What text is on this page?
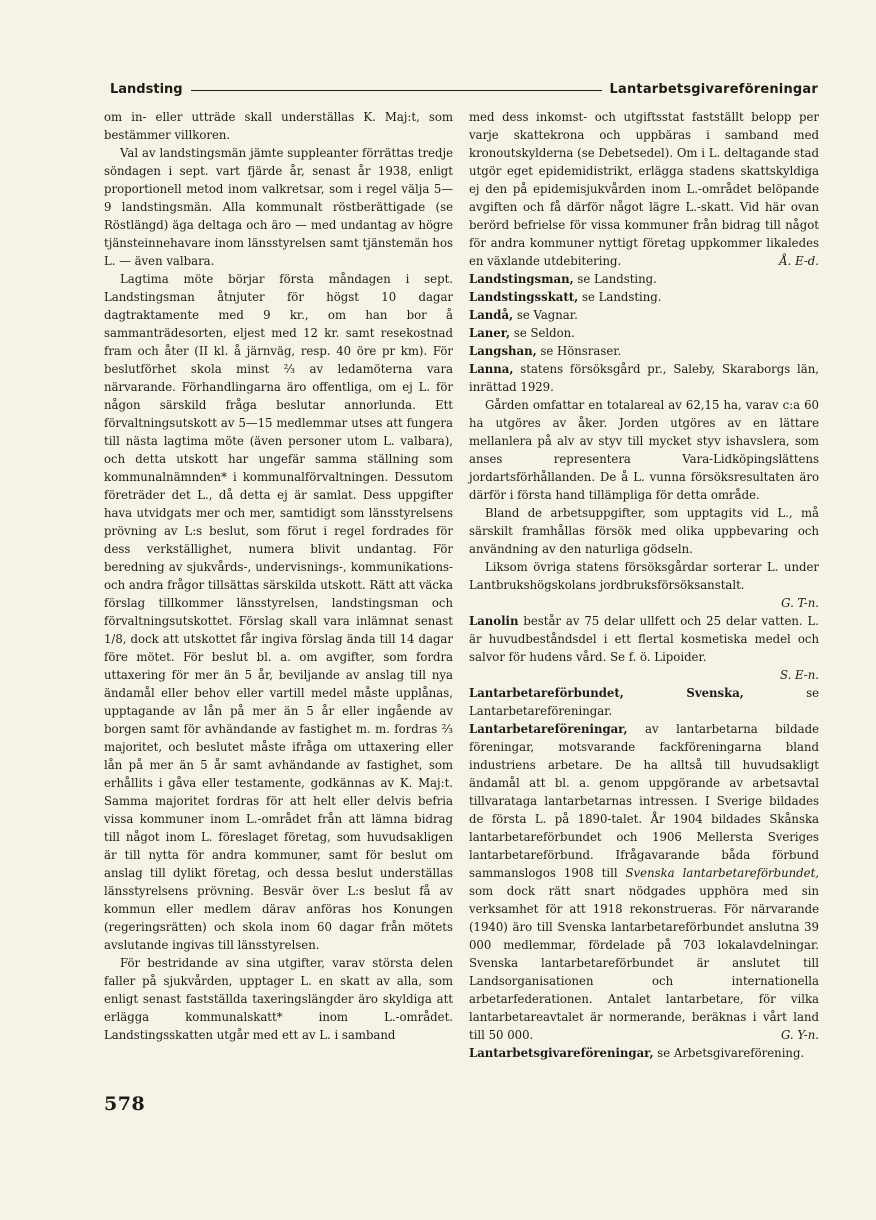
Landsting	Lantarbetsgivareföreningar

om in- eller utträde skall underställas K. Maj:t, som bestämmer villkoren.

Val av landstingsmän jämte suppleanter förrättas tredje söndagen i sept. vart fjärde år, senast år 1938, enligt proportionell metod inom valkretsar, som i regel välja 5—9 landstingsmän. Alla kommunalt röstberättigade (se Röstlängd) äga deltaga och äro — med undantag av högre tjänsteinnehavare inom länsstyrelsen samt tjänstemän hos L. — även valbara.

Lagtima möte börjar första måndagen i sept. Landstingsman åtnjuter för högst 10 dagar dagtraktamente med 9 kr., om han bor å sammanträdesorten, eljest med 12 kr. samt resekostnad fram och åter (II kl. å järnväg, resp. 40 öre pr km). För beslutförhet skola minst ⅔ av ledamöterna vara närvarande. Förhandlingarna äro offentliga, om ej L. för någon särskild fråga beslutar annorlunda. Ett förvaltningsutskott av 5—15 medlemmar utses att fungera till nästa lagtima möte (även personer utom L. valbara), och detta utskott har ungefär samma ställning som kommunalnämnden* i kommunalförvaltningen. Dessutom företräder det L., då detta ej är samlat. Dess uppgifter hava utvidgats mer och mer, samtidigt som länsstyrelsens prövning av L:s beslut, som förut i regel fordrades för dess verkställighet, numera blivit undantag. För beredning av sjukvårds-, undervisnings-, kommunikations- och andra frågor tillsättas särskilda utskott. Rätt att väcka förslag tillkommer länsstyrelsen, landstingsman och förvaltningsutskottet. Förslag skall vara inlämnat senast 1/8, dock att utskottet får ingiva förslag ända till 14 dagar före mötet. För beslut bl. a. om avgifter, som fordra uttaxering för mer än 5 år, beviljande av anslag till nya ändamål eller behov eller vartill medel måste upplånas, upptagande av lån på mer än 5 år eller ingående av borgen samt för avhändande av fastighet m. m. fordras ⅔ majoritet, och beslutet måste ifråga om uttaxering eller lån på mer än 5 år samt avhändande av fastighet, som erhållits i gåva eller testamente, godkännas av K. Maj:t. Samma majoritet fordras för att helt eller delvis befria vissa kommuner inom L.-området från att lämna bidrag till något inom L. föreslaget företag, som huvudsakligen är till nytta för andra kommuner, samt för beslut om anslag till dylikt företag, och dessa beslut underställas länsstyrelsens prövning. Besvär över L:s beslut få av kommun eller medlem därav anföras hos Konungen (regeringsrätten) och skola inom 60 dagar från mötets avslutande ingivas till länsstyrelsen.

För bestridande av sina utgifter, varav största delen faller på sjukvården, upptager L. en skatt av alla, som enligt senast fastställda taxeringslängder äro skyldiga att erlägga kommunalskatt* inom L.-området. Landstingsskatten utgår med ett av L. i samband

med dess inkomst- och utgiftsstat fastställt belopp per varje skattekrona och uppbäras i samband med kronoutskylderna (se Debetsedel). Om i L. deltagande stad utgör eget epidemidistrikt, erlägga stadens skattskyldiga ej den på epidemisjukvården inom L.-området belöpande avgiften och få därför något lägre L.-skatt. Vid här ovan berörd befrielse för vissa kommuner från bidrag till något för andra kommuner nyttigt företag uppkommer likaledes en växlande utdebitering.	Å. E-d.

Landstingsman, se Landsting.

Landstingsskatt, se Landsting.

Landå, se Vagnar.

Laner, se Seldon.

Langshan, se Hönsraser.

Lanna, statens försöksgård pr., Saleby, Skaraborgs län, inrättad 1929.

Gården omfattar en totalareal av 62,15 ha, varav c:a 60 ha utgöres av åker. Jorden utgöres av en lättare mellanlera på alv av styv till mycket styv ishavslera, som anses representera Vara-Lidköpingslättens jordartsförhållanden. De å L. vunna försöksresultaten äro därför i första hand tillämpliga för detta område.

Bland de arbetsuppgifter, som upptagits vid L., må särskilt framhållas försök med olika uppbevaring och användning av den naturliga gödseln.

Liksom övriga statens försöksgårdar sorterar L. under Lantbrukshögskolans jordbruksförsöksanstalt.

G. T-n.

Lanolin består av 75 delar ullfett och 25 delar vatten. L. är huvudbeståndsdel i ett flertal kosmetiska medel och salvor för hudens vård. Se f. ö. Lipoider.

S. E-n.

Lantarbetareförbundet, Svenska, se Lantarbetareföreningar.

Lantarbetareföreningar, av lantarbetarna bildade föreningar, motsvarande fackföreningarna bland industriens arbetare. De ha alltså till huvudsakligt ändamål att bl. a. genom uppgörande av arbetsavtal tillvarataga lantarbetarnas intressen. I Sverige bildades de första L. på 1890-talet. År 1904 bildades Skånska lantarbetareförbundet och 1906 Mellersta Sveriges lantarbetareförbund. Ifrågavarande båda förbund sammanslogos 1908 till Svenska lantarbetareförbundet, som dock rätt snart nödgades upphöra med sin verksamhet för att 1918 rekonstrueras. För närvarande (1940) äro till Svenska lantarbetareförbundet anslutna 39 000 medlemmar, fördelade på 703 lokalavdelningar. Svenska lantarbetareförbundet är anslutet till Landsorganisationen och internationella arbetarfederationen. Antalet lantarbetare, för vilka lantarbetareavtalet är normerande, beräknas i vårt land till 50 000.	G. Y-n.

Lantarbetsgivareföreningar, se Arbetsgivareförening.

578
